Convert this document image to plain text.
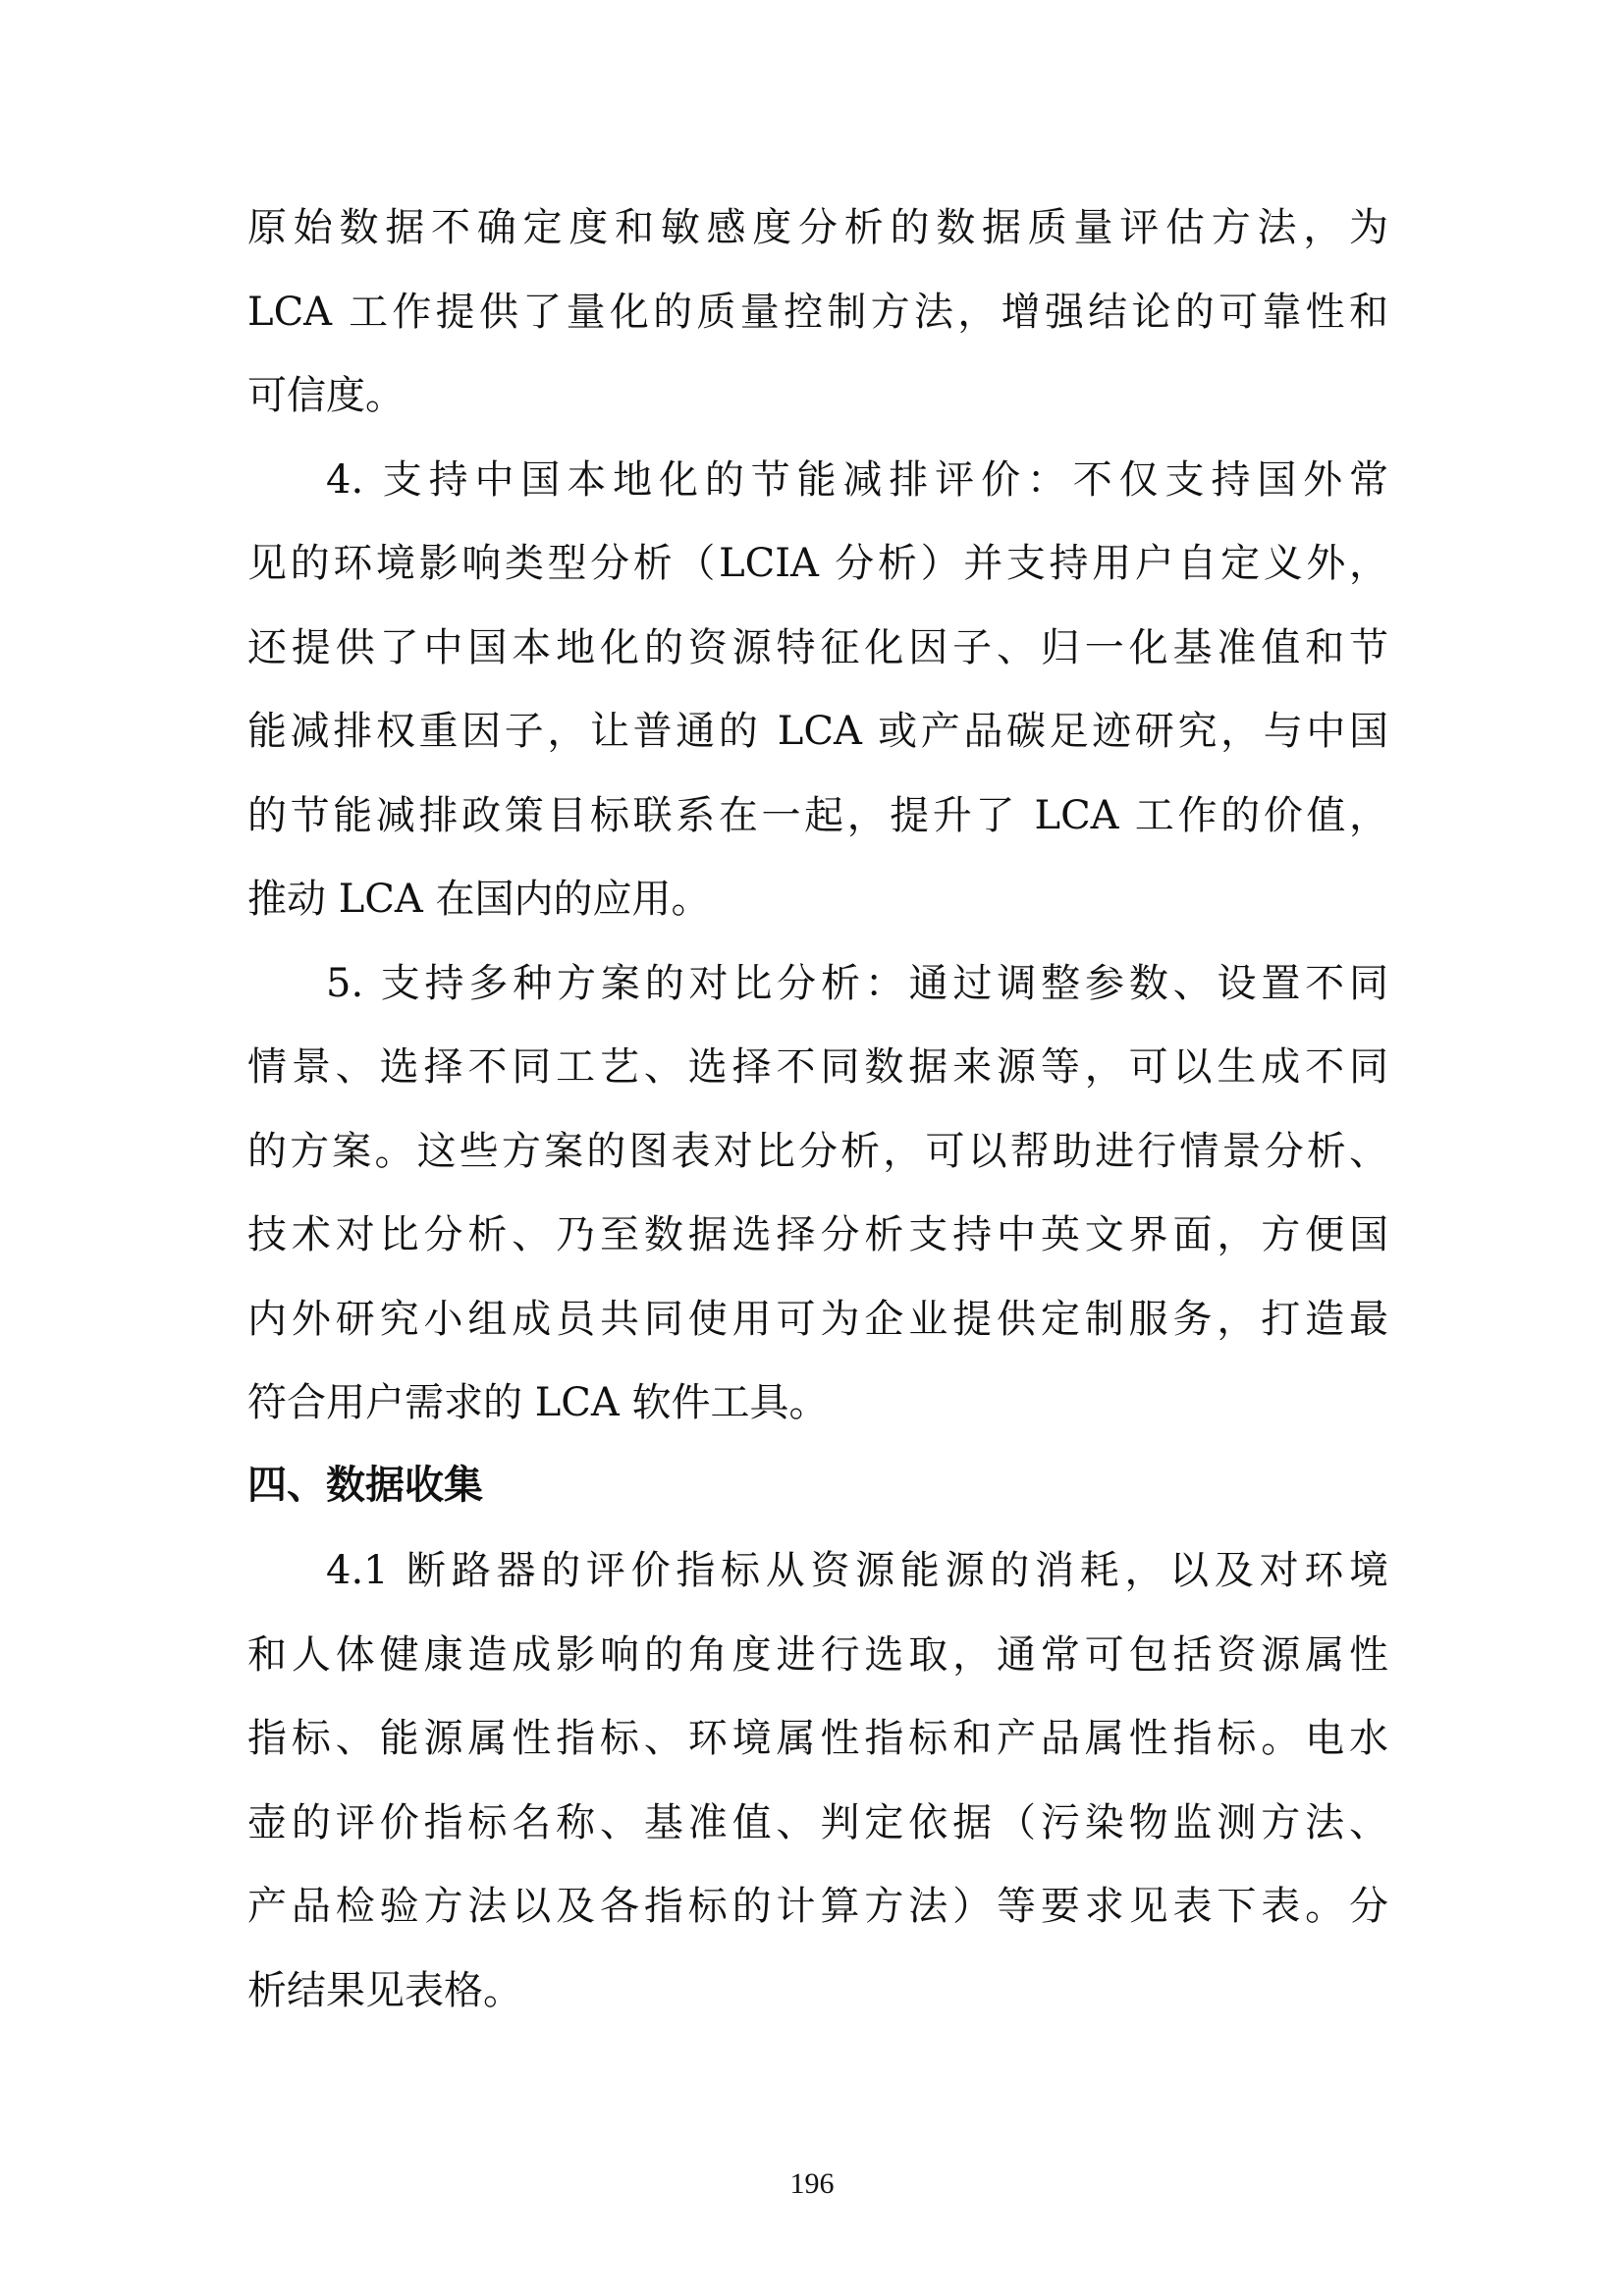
原始数据不确定度和敏感度分析的数据质量评估方法，为
LCA 工作提供了量化的质量控制方法，增强结论的可靠性和
可信度。
4. 支持中国本地化的节能减排评价：不仅支持国外常
见的环境影响类型分析（LCIA 分析）并支持用户自定义外，
还提供了中国本地化的资源特征化因子、归一化基准值和节
能减排权重因子，让普通的 LCA 或产品碳足迹研究，与中国
的节能减排政策目标联系在一起，提升了 LCA 工作的价值，
推动 LCA 在国内的应用。
5. 支持多种方案的对比分析：通过调整参数、设置不同
情景、选择不同工艺、选择不同数据来源等，可以生成不同
的方案。这些方案的图表对比分析，可以帮助进行情景分析、
技术对比分析、乃至数据选择分析支持中英文界面，方便国
内外研究小组成员共同使用可为企业提供定制服务，打造最
符合用户需求的 LCA 软件工具。
四、数据收集
4.1 断路器的评价指标从资源能源的消耗，以及对环境
和人体健康造成影响的角度进行选取，通常可包括资源属性
指标、能源属性指标、环境属性指标和产品属性指标。电水
壶的评价指标名称、基准值、判定依据（污染物监测方法、
产品检验方法以及各指标的计算方法）等要求见表下表。分
析结果见表格。
196
